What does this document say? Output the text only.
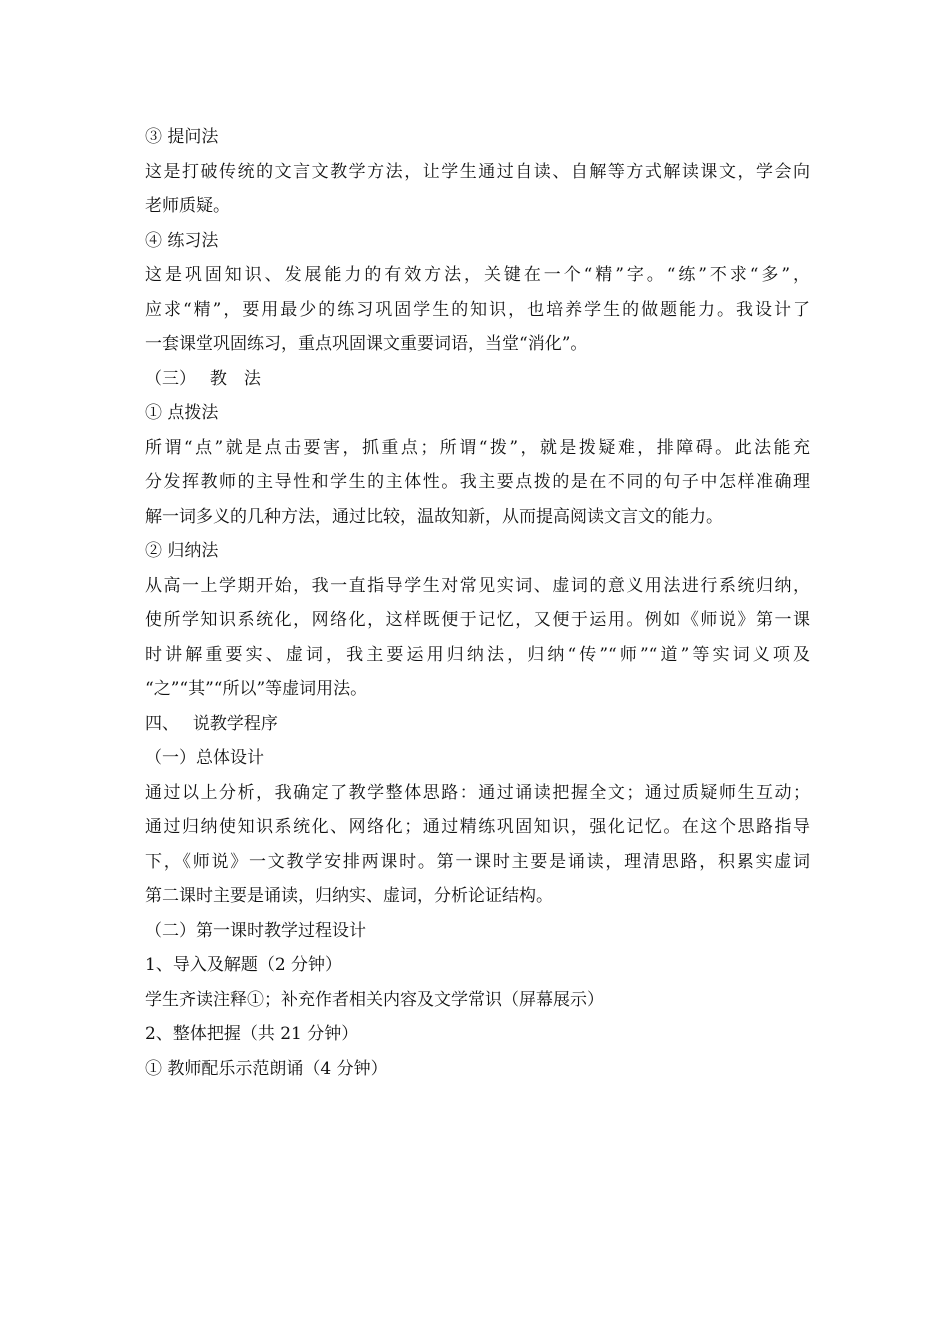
③ 提问法
这是打破传统的文言文教学方法，让学生通过自读、自解等方式解读课文，学会向
老师质疑。
④ 练习法
这是巩固知识、发展能力的有效方法，关键在一个“精”字。“练”不求“多”，
应求“精”，要用最少的练习巩固学生的知识，也培养学生的做题能力。我设计了
一套课堂巩固练习，重点巩固课文重要词语，当堂“消化”。
（三）　 教　法
① 点拨法
所谓“点”就是点击要害，抓重点；所谓“拨”，就是拨疑难，排障碍。此法能充
分发挥教师的主导性和学生的主体性。我主要点拨的是在不同的句子中怎样准确理
解一词多义的几种方法，通过比较，温故知新，从而提高阅读文言文的能力。
② 归纳法
从高一上学期开始，我一直指导学生对常见实词、虚词的意义用法进行系统归纳，
使所学知识系统化，网络化，这样既便于记忆，又便于运用。例如《师说》第一课
时讲解重要实、虚词，我主要运用归纳法，归纳“传”“师”“道”等实词义项及
“之”“其”“所以”等虚词用法。
四、　 说教学程序
（一）总体设计
通过以上分析，我确定了教学整体思路：通过诵读把握全文；通过质疑师生互动；
通过归纳使知识系统化、网络化；通过精练巩固知识，强化记忆。在这个思路指导
下，《师说》一文教学安排两课时。第一课时主要是诵读，理清思路，积累实虚词
第二课时主要是诵读，归纳实、虚词，分析论证结构。
（二）第一课时教学过程设计
1、导入及解题（2 分钟）
学生齐读注释①；补充作者相关内容及文学常识（屏幕展示）
2、整体把握（共 21 分钟）
① 教师配乐示范朗诵（4 分钟）
